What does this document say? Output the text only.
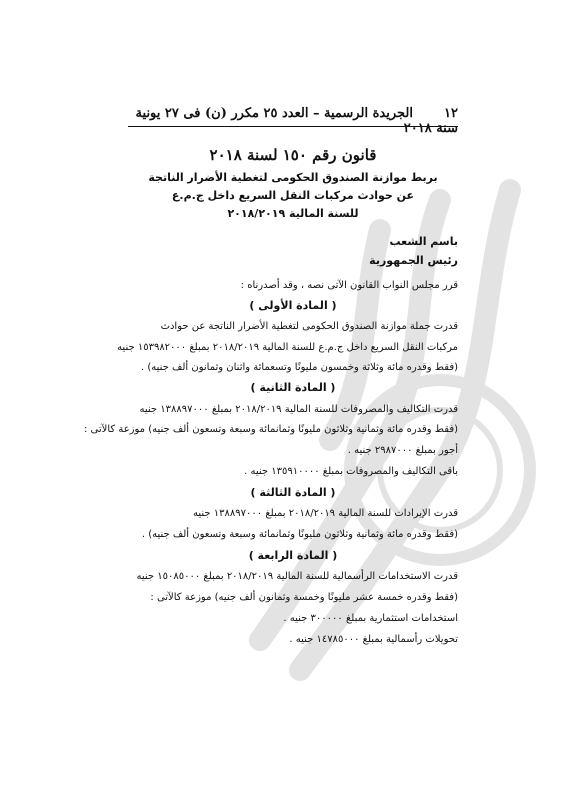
١٢  الجريدة الرسمية – العدد ٢٥ مكرر (ن) فى ٢٧ يونية سنة ٢٠١٨
قانون رقم ١٥٠ لسنة ٢٠١٨
بربط موازنة الصندوق الحكومى لتغطية الأضرار الناتجة
عن حوادث مركبات النقل السريع داخل ج.م.ع
للسنة المالية ٢٠١٨/٢٠١٩
باسم الشعب
رئيس الجمهورية
قرر مجلس النواب القانون الآتى نصه ، وقد أصدرناه :
( المادة الأولى )
قدرت جملة موازنة الصندوق الحكومى لتغطية الأضرار الناتجة عن حوادث
مركبات النقل السريع داخل ج.م.ع للسنة المالية ٢٠١٨/٢٠١٩ بمبلغ ١٥٣٩٨٢٠٠٠ جنيه
(فقط وقدره مائة وثلاثة وخمسون مليونًا وتسعمائة واثنان وثمانون ألف جنيه) .
( المادة الثانية )
قدرت التكاليف والمصروفات للسنة المالية ٢٠١٨/٢٠١٩ بمبلغ ١٣٨٨٩٧٠٠٠ جنيه
(فقط وقدره مائة وثمانية وثلاثون مليونًا وثمانمائة وسبعة وتسعون ألف جنيه) موزعة كالآتى :
أجور بمبلغ ٢٩٨٧٠٠٠ جنيه .
باقى التكاليف والمصروفات بمبلغ ١٣٥٩١٠٠٠٠ جنيه .
( المادة الثالثة )
قدرت الإيرادات للسنة المالية ٢٠١٨/٢٠١٩ بمبلغ ١٣٨٨٩٧٠٠٠ جنيه
(فقط وقدره مائة وثمانية وثلاثون مليونًا وثمانمائة وسبعة وتسعون ألف جنيه) .
( المادة الرابعة )
قدرت الاستخدامات الرأسمالية للسنة المالية ٢٠١٨/٢٠١٩ بمبلغ ١٥٠٨٥٠٠٠ جنيه
(فقط وقدره خمسة عشر مليونًا وخمسة وثمانون ألف جنيه) موزعة كالآتى :
استخدامات استثمارية بمبلغ ٣٠٠٠٠٠ جنيه .
تحويلات رأسمالية بمبلغ ١٤٧٨٥٠٠٠ جنيه .
